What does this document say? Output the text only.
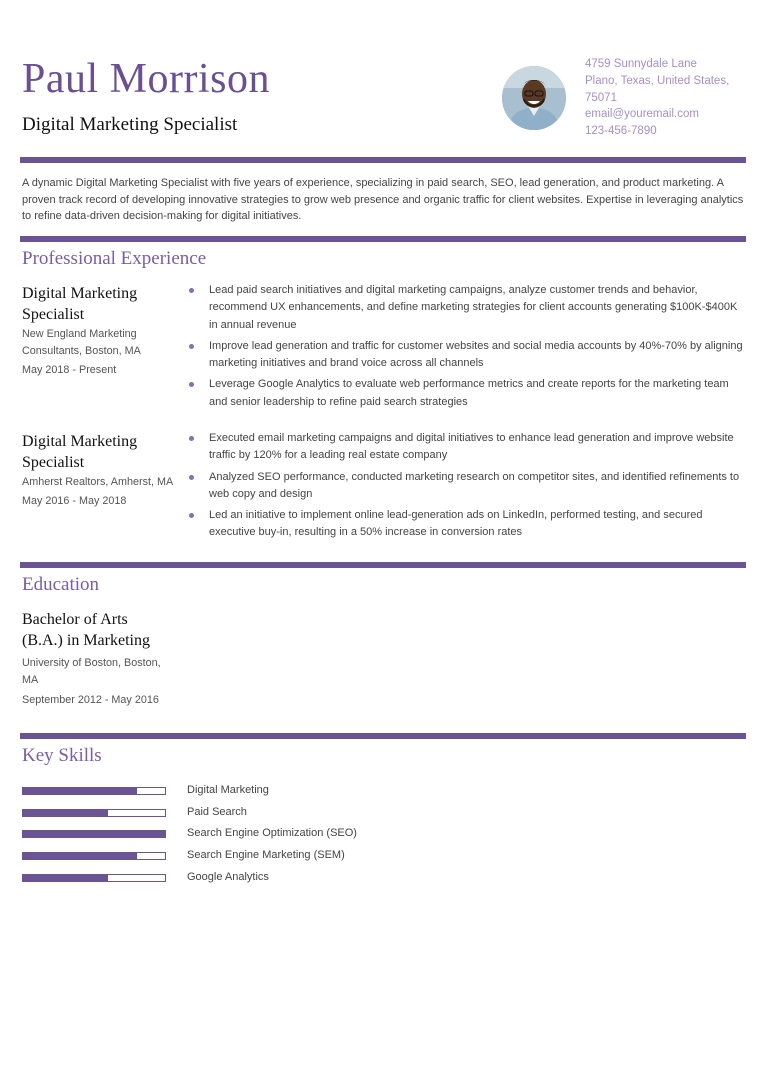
Paul Morrison
Digital Marketing Specialist
4759 Sunnydale Lane
Plano, Texas, United States,
75071
email@youremail.com
123-456-7890
A dynamic Digital Marketing Specialist with five years of experience, specializing in paid search, SEO, lead generation, and product marketing. A proven track record of developing innovative strategies to grow web presence and organic traffic for client websites. Expertise in leveraging analytics to refine data-driven decision-making for digital initiatives.
Professional Experience
Digital Marketing Specialist
New England Marketing Consultants, Boston, MA
May 2018 - Present
Lead paid search initiatives and digital marketing campaigns, analyze customer trends and behavior, recommend UX enhancements, and define marketing strategies for client accounts generating $100K-$400K in annual revenue
Improve lead generation and traffic for customer websites and social media accounts by 40%-70% by aligning marketing initiatives and brand voice across all channels
Leverage Google Analytics to evaluate web performance metrics and create reports for the marketing team and senior leadership to refine paid search strategies
Digital Marketing Specialist
Amherst Realtors, Amherst, MA
May 2016 - May 2018
Executed email marketing campaigns and digital initiatives to enhance lead generation and improve website traffic by 120% for a leading real estate company
Analyzed SEO performance, conducted marketing research on competitor sites, and identified refinements to web copy and design
Led an initiative to implement online lead-generation ads on LinkedIn, performed testing, and secured executive buy-in, resulting in a 50% increase in conversion rates
Education
Bachelor of Arts (B.A.) in Marketing
University of Boston, Boston, MA
September 2012 - May 2016
Key Skills
Digital Marketing
Paid Search
Search Engine Optimization (SEO)
Search Engine Marketing (SEM)
Google Analytics
